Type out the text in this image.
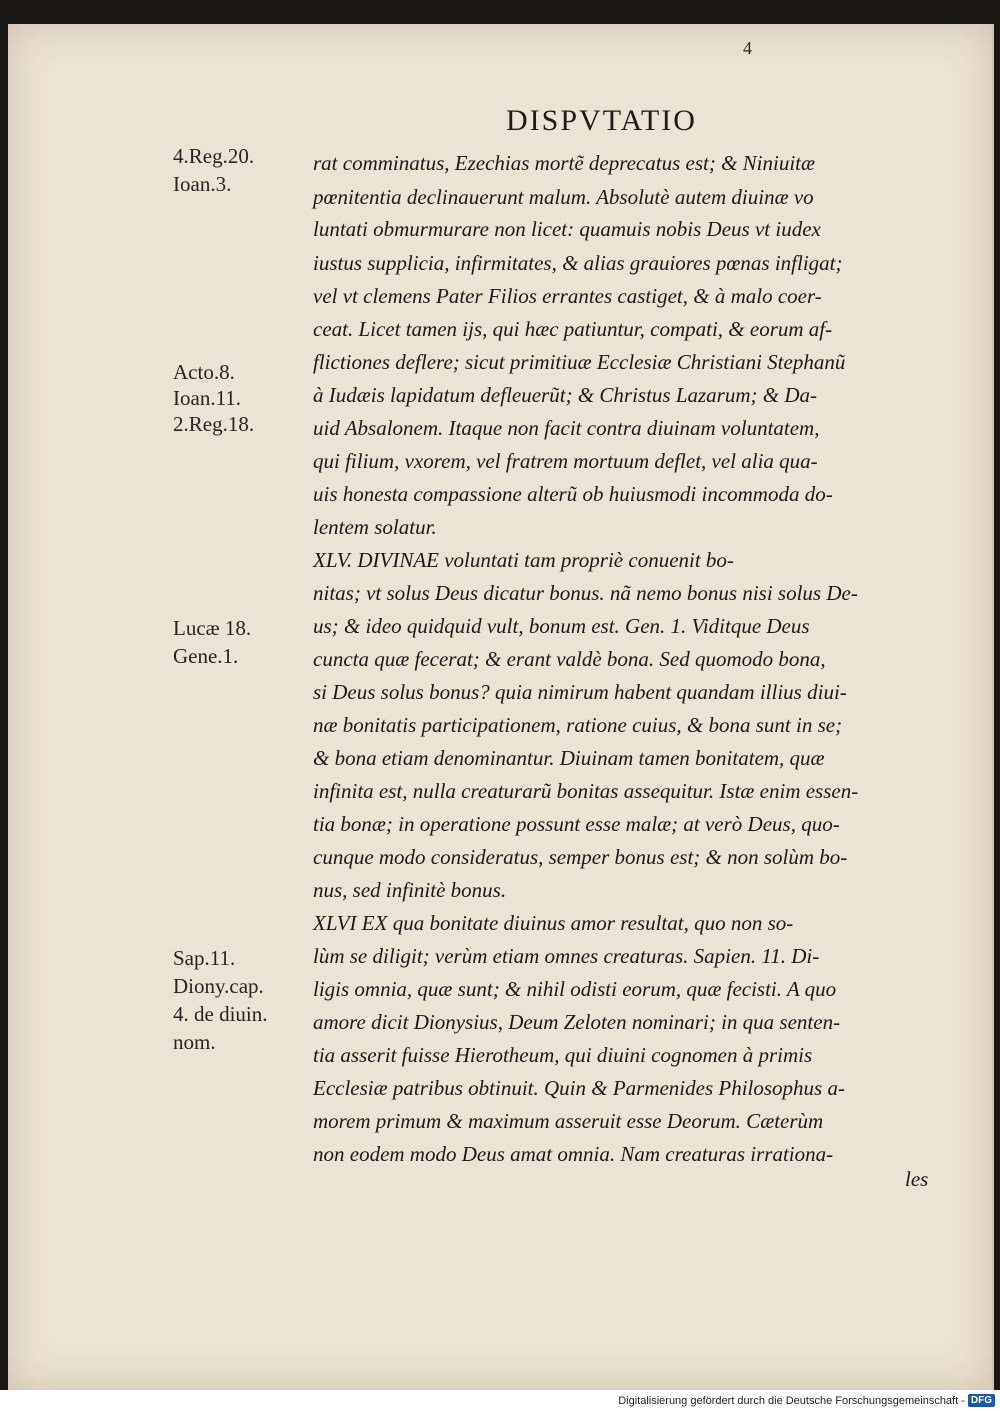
4
DISPVTATIO
4.Reg.20.
Ioan.3.
Acto.8.
Ioan.11.
2.Reg.18.
Lucæ 18.
Gene.1.
Sap.11.
Diony.cap.
4. de diuin.
nom.
rat comminatus, Ezechias mortẽ deprecatus est; & Niniuitæ
pœnitentia declinauerunt malum. Absolutè autem diuinæ vo
luntati obmurmurare non licet: quamuis nobis Deus vt iudex
iustus supplicia, infirmitates, & alias grauiores pœnas infligat;
vel vt clemens Pater Filios errantes castiget, & à malo coer-
ceat. Licet tamen ijs, qui hæc patiuntur, compati, & eorum af-
flictiones deflere; sicut primitiuæ Ecclesiæ Christiani Stephanũ
à Iudæis lapidatum defleuerũt; & Christus Lazarum; & Da-
uid Absalonem. Itaque non facit contra diuinam voluntatem,
qui filium, vxorem, vel fratrem mortuum deflet, vel alia qua-
uis honesta compassione alterũ ob huiusmodi incommoda do-
lentem solatur.
XLV. DIVINAE voluntati tam propriè conuenit bo-
nitas; vt solus Deus dicatur bonus. nã nemo bonus nisi solus De-
us; & ideo quidquid vult, bonum est. Gen. 1. Viditque Deus
cuncta quæ fecerat; & erant valdè bona. Sed quomodo bona,
si Deus solus bonus? quia nimirum habent quandam illius diui-
næ bonitatis participationem, ratione cuius, & bona sunt in se;
& bona etiam denominantur. Diuinam tamen bonitatem, quæ
infinita est, nulla creaturarũ bonitas assequitur. Istæ enim essen-
tia bonæ; in operatione possunt esse malæ; at verò Deus, quo-
cunque modo consideratus, semper bonus est; & non solùm bo-
nus, sed infinitè bonus.
XLVI EX qua bonitate diuinus amor resultat, quo non so-
lùm se diligit; verùm etiam omnes creaturas. Sapien. 11. Di-
ligis omnia, quæ sunt; & nihil odisti eorum, quæ fecisti. A quo
amore dicit Dionysius, Deum Zeloten nominari; in qua senten-
tia asserit fuisse Hierotheum, qui diuini cognomen à primis
Ecclesiæ patribus obtinuit. Quin & Parmenides Philosophus a-
morem primum & maximum asseruit esse Deorum. Cæterùm
non eodem modo Deus amat omnia. Nam creaturas irrationa-
les
Digitalisierung gefördert durch die Deutsche Forschungsgemeinschaft - DFG
